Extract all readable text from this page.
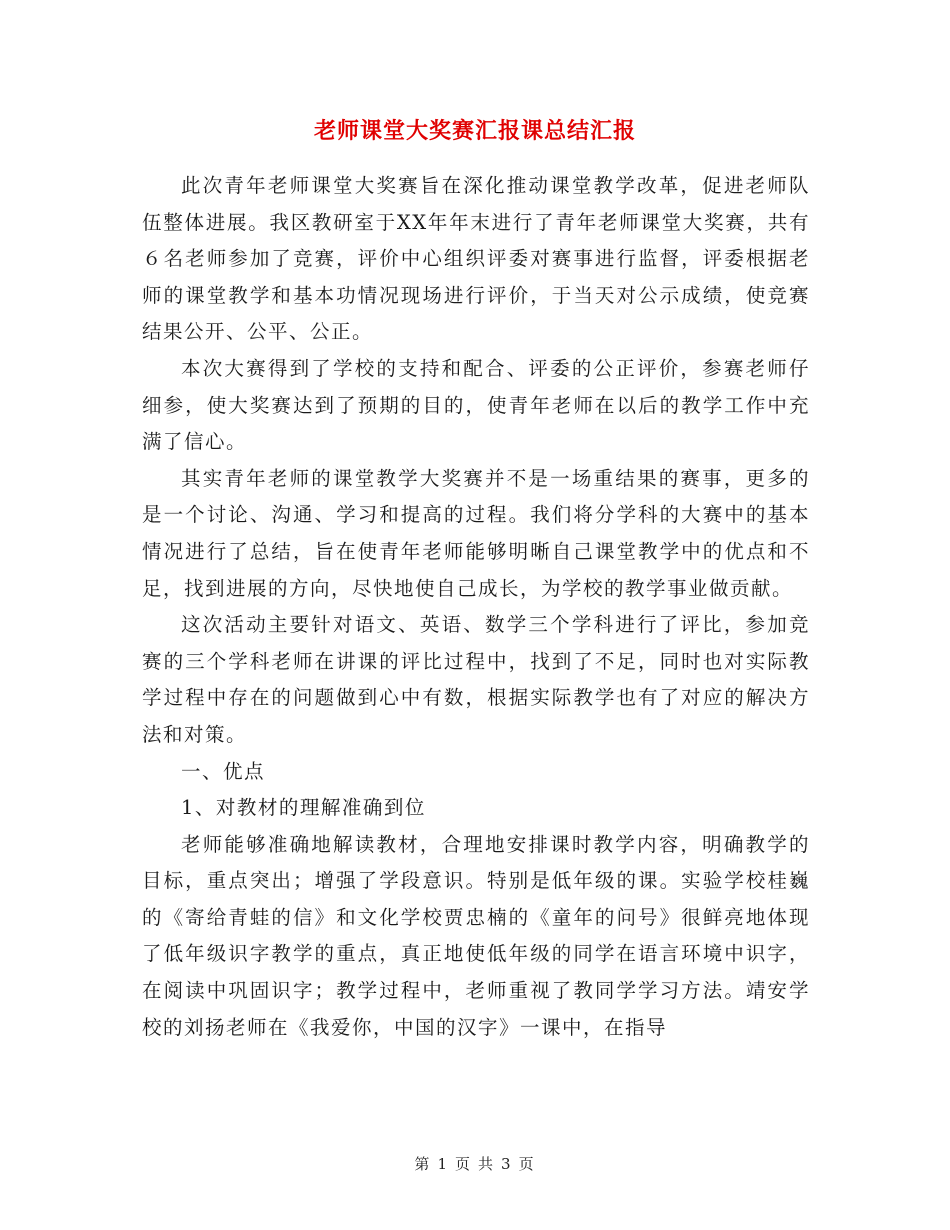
老师课堂大奖赛汇报课总结汇报

此次青年老师课堂大奖赛旨在深化推动课堂教学改革，促进老师队伍整体进展。我区教研室于XX年年末进行了青年老师课堂大奖赛，共有６名老师参加了竞赛，评价中心组织评委对赛事进行监督，评委根据老师的课堂教学和基本功情况现场进行评价，于当天对公示成绩，使竞赛结果公开、公平、公正。

本次大赛得到了学校的支持和配合、评委的公正评价，参赛老师仔细参，使大奖赛达到了预期的目的，使青年老师在以后的教学工作中充满了信心。

其实青年老师的课堂教学大奖赛并不是一场重结果的赛事，更多的是一个讨论、沟通、学习和提高的过程。我们将分学科的大赛中的基本情况进行了总结，旨在使青年老师能够明晰自己课堂教学中的优点和不足，找到进展的方向，尽快地使自己成长，为学校的教学事业做贡献。

这次活动主要针对语文、英语、数学三个学科进行了评比，参加竞赛的三个学科老师在讲课的评比过程中，找到了不足，同时也对实际教学过程中存在的问题做到心中有数，根据实际教学也有了对应的解决方法和对策。

一、优点

1、对教材的理解准确到位

老师能够准确地解读教材，合理地安排课时教学内容，明确教学的目标，重点突出；增强了学段意识。特别是低年级的课。实验学校桂巍的《寄给青蛙的信》和文化学校贾忠楠的《童年的问号》很鲜亮地体现了低年级识字教学的重点，真正地使低年级的同学在语言环境中识字，在阅读中巩固识字；教学过程中，老师重视了教同学学习方法。靖安学校的刘扬老师在《我爱你，中国的汉字》一课中，在指导

第 1 页 共 3 页
